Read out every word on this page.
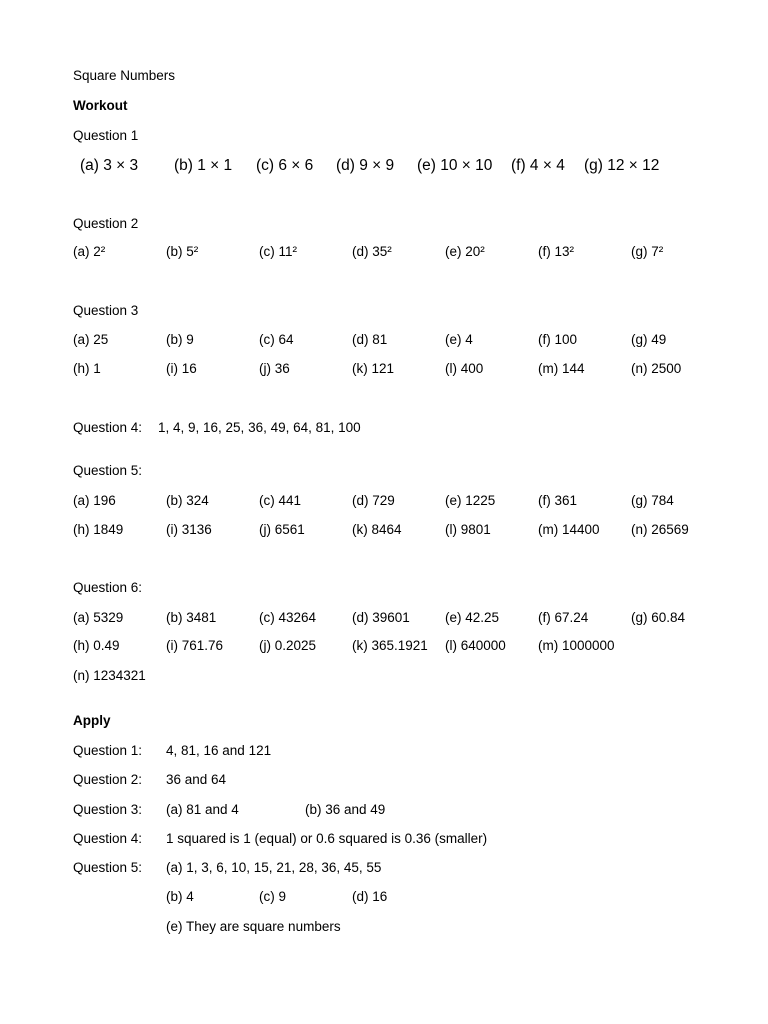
Square Numbers
Workout
Question 1
(a) 3 × 3 (b) 1 × 1 (c) 6 × 6 (d) 9 × 9 (e) 10 × 10 (f) 4 × 4 (g) 12 × 12
Question 2
(a) 2²	(b) 5²	(c) 11²	(d) 35²	(e) 20²	(f) 13²	(g) 7²
Question 3
(a) 25	(b) 9	(c) 64	(d) 81	(e) 4	(f) 100	(g) 49
(h) 1	(i) 16	(j) 36	(k) 121	(l) 400	(m) 144	(n) 2500
Question 4: 1, 4, 9, 16, 25, 36, 49, 64, 81, 100
Question 5:
(a) 196	(b) 324	(c) 441	(d) 729	(e) 1225	(f) 361	(g) 784
(h) 1849	(i) 3136	(j) 6561	(k) 8464	(l) 9801	(m) 14400 (n) 26569
Question 6:
(a) 5329	(b) 3481	(c) 43264	(d) 39601	(e) 42.25	(f) 67.24	(g) 60.84
(h) 0.49	(i) 761.76	(j) 0.2025	(k) 365.1921 (l) 640000 (m) 1000000
(n) 1234321
Apply
Question 1: 4, 81, 16 and 121
Question 2: 36 and 64
Question 3: (a) 81 and 4	(b) 36 and 49
Question 4: 1 squared is 1 (equal) or 0.6 squared is 0.36 (smaller)
Question 5: (a) 1, 3, 6, 10, 15, 21, 28, 36, 45, 55
(b) 4	(c) 9	(d) 16
(e) They are square numbers
